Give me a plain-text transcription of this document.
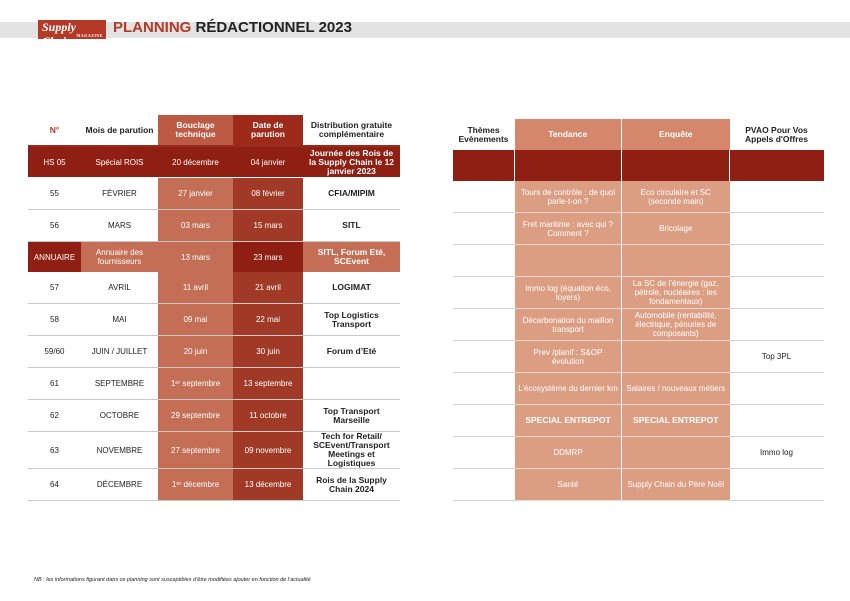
Supply Chain MAGAZINE PLANNING RÉDACTIONNEL 2023
N°	Mois de parution	Bouclage technique	Date de parution	Distribution gratuite complémentaire
HS 05	Spécial ROIS	20 décembre	04 janvier	Journée des Rois de la Supply Chain le 12 janvier 2023
55	FÉVRIER	27 janvier	08 février	CFIA/MIPIM
56	MARS	03 mars	15 mars	SITL
ANNUAIRE	Annuaire des fournisseurs	13 mars	23 mars	SITL, Forum Eté, SCEvent
57	AVRIL	11 avril	21 avril	LOGIMAT
58	MAI	09 mai	22 mai	Top Logistics Transport
59/60	JUIN / JUILLET	20 juin	30 juin	Forum d’Eté
61	SEPTEMBRE	1ᵉʳ septembre	13 septembre	
62	OCTOBRE	29 septembre	11 octobre	Top Transport Marseille
63	NOVEMBRE	27 septembre	09 novembre	Tech for Retail/ SCEvent/Transport Meetings et Logistiques
64	DÉCEMBRE	1ᵉʳ décembre	13 décembre	Rois de la Supply Chain 2024
Thèmes Evènements	Tendance	Enquête	PVAO Pour Vos Appels d'Offres

	Tours de contrôle : de quoi parle-t-on ?	Eco circulaire et SC (seconde main)	
	Fret maritime : avec qui ? Comment ?	Bricolage	

	Immo log (équation éco, loyers)	La SC de l’énergie (gaz, pétrole, nucléaires : les fondamentaux)	
	Décarbonation du maillon transport	Automobile (rentabilité, électrique, pénuries de composants)	
	Prev /planif : S&OP évolution		Top 3PL
	L’écosystème du dernier km	Salaires / nouveaux métiers	
	SPECIAL ENTREPOT	SPECIAL ENTREPOT	
	DDMRP		Immo log
	Santé	Supply Chain du Père Noël	
NB : les informations figurant dans ce planning sont susceptibles d’être modifiées ajouter en fonction de l’actualité
